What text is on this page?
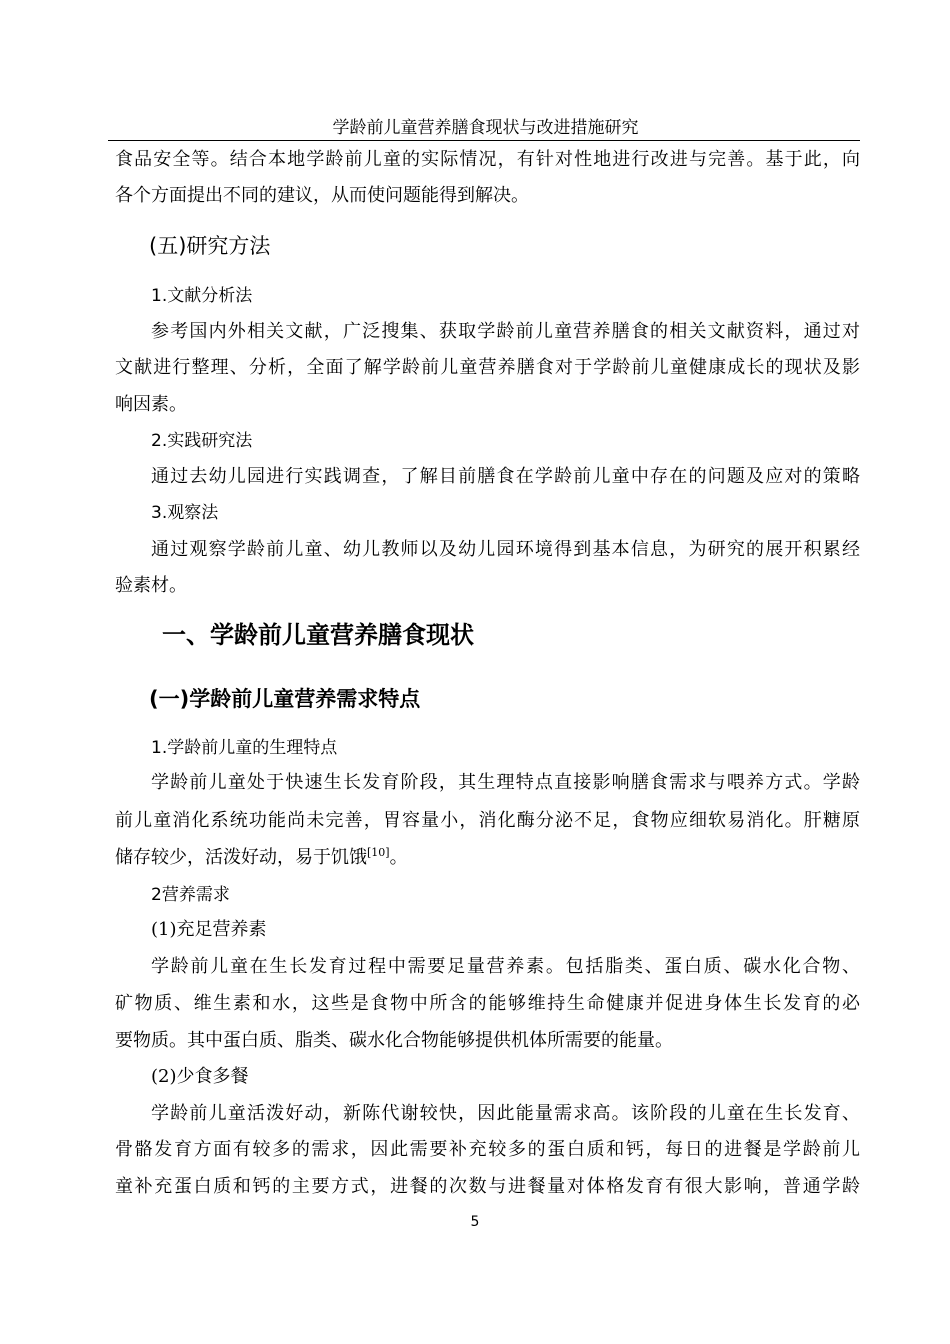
学龄前儿童营养膳食现状与改进措施研究

食品安全等。结合本地学龄前儿童的实际情况，有针对性地进行改进与完善。基于此，向

各个方面提出不同的建议，从而使问题能得到解决。

(五)研究方法
1.文献分析法

参考国内外相关文献，广泛搜集、获取学龄前儿童营养膳食的相关文献资料，通过对

文献进行整理、分析，全面了解学龄前儿童营养膳食对于学龄前儿童健康成长的现状及影

响因素。

2.实践研究法

通过去幼儿园进行实践调查，了解目前膳食在学龄前儿童中存在的问题及应对的策略

3.观察法

通过观察学龄前儿童、幼儿教师以及幼儿园环境得到基本信息，为研究的展开积累经

验素材。

一、学龄前儿童营养膳食现状
(一)学龄前儿童营养需求特点
1.学龄前儿童的生理特点

学龄前儿童处于快速生长发育阶段，其生理特点直接影响膳食需求与喂养方式。学龄

前儿童消化系统功能尚未完善，胃容量小，消化酶分泌不足，食物应细软易消化。肝糖原

储存较少，活泼好动，易于饥饿[10]。

2营养需求

(1)充足营养素

学龄前儿童在生长发育过程中需要足量营养素。包括脂类、蛋白质、碳水化合物、

矿物质、维生素和水，这些是食物中所含的能够维持生命健康并促进身体生长发育的必

要物质。其中蛋白质、脂类、碳水化合物能够提供机体所需要的能量。

(2)少食多餐

学龄前儿童活泼好动，新陈代谢较快，因此能量需求高。该阶段的儿童在生长发育、

骨骼发育方面有较多的需求，因此需要补充较多的蛋白质和钙，每日的进餐是学龄前儿

童补充蛋白质和钙的主要方式，进餐的次数与进餐量对体格发育有很大影响，普通学龄

5
